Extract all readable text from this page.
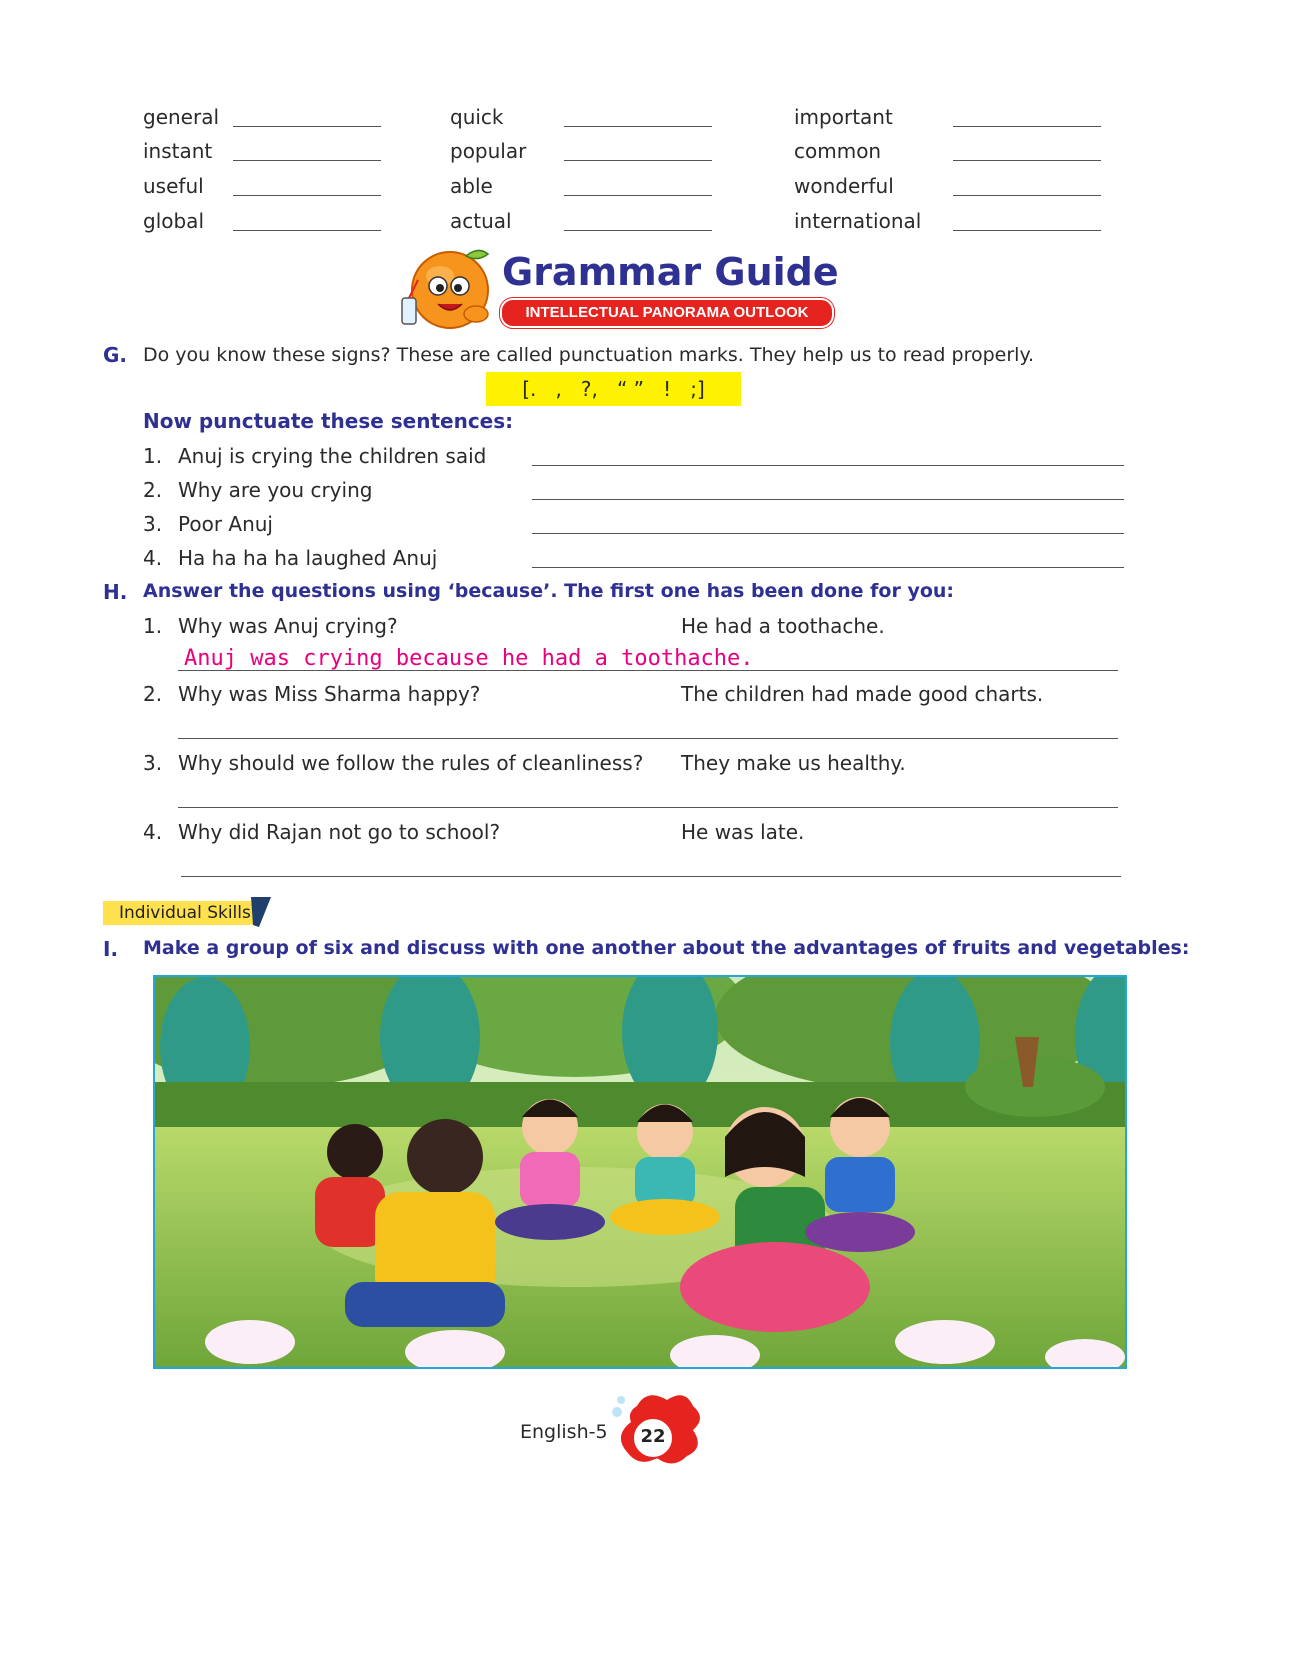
general	quick	important
instant	popular	common
useful	able	wonderful
global	actual	international
Grammar Guide
INTELLECTUAL PANORAMA OUTLOOK
G. Do you know these signs? These are called punctuation marks. They help us to read properly.
[.   ,   ?,   “ ”   !   ;]
Now punctuate these sentences:
1. Anuj is crying the children said
2. Why are you crying
3. Poor Anuj
4. Ha ha ha ha laughed Anuj
H. Answer the questions using ‘because’. The first one has been done for you:
1. Why was Anuj crying?	He had a toothache.
Anuj was crying because he had a toothache.
2. Why was Miss Sharma happy?	The children had made good charts.
3. Why should we follow the rules of cleanliness? They make us healthy.
4. Why did Rajan not go to school?	He was late.
Individual Skills
I. Make a group of six and discuss with one another about the advantages of fruits and vegetables:
English-5	22
